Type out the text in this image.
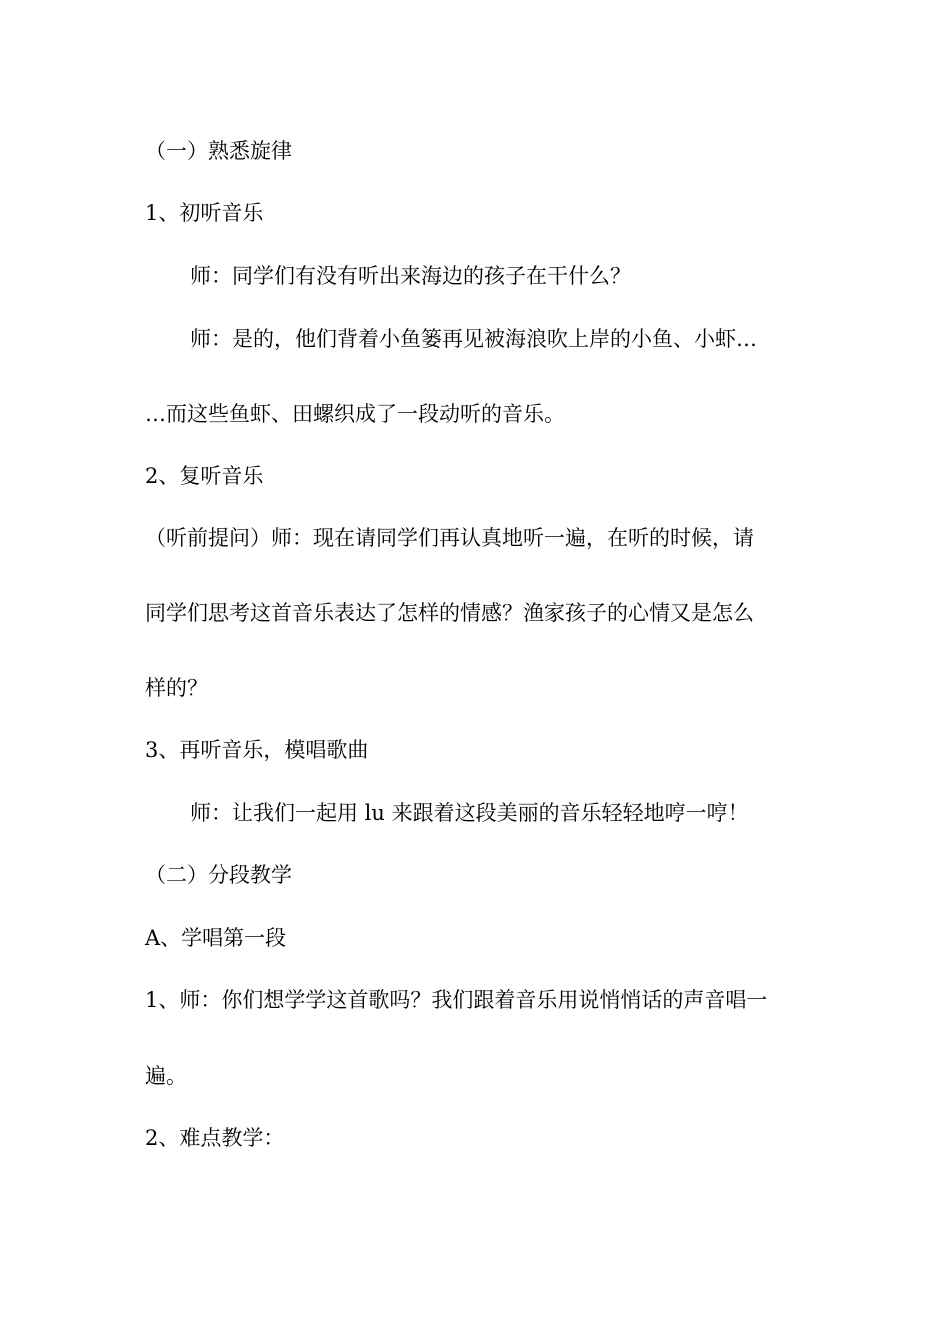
（一）熟悉旋律
1、初听音乐
师：同学们有没有听出来海边的孩子在干什么？
师：是的，他们背着小鱼篓再见被海浪吹上岸的小鱼、小虾…
…而这些鱼虾、田螺织成了一段动听的音乐。
2、复听音乐
（听前提问）师：现在请同学们再认真地听一遍，在听的时候，请
同学们思考这首音乐表达了怎样的情感？渔家孩子的心情又是怎么
样的？
3、再听音乐，模唱歌曲
师：让我们一起用 lu 来跟着这段美丽的音乐轻轻地哼一哼！
（二）分段教学
A、学唱第一段
1、师：你们想学学这首歌吗？我们跟着音乐用说悄悄话的声音唱一
遍。
2、难点教学：
